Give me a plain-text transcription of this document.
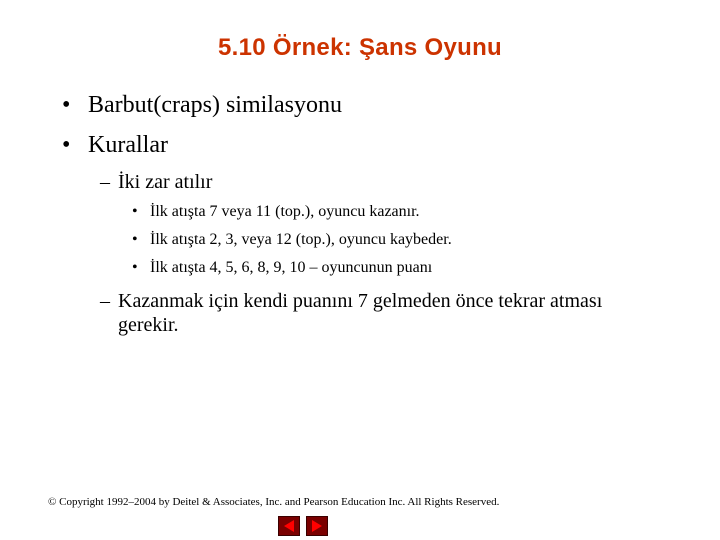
5.10 Örnek: Şans Oyunu
• Barbut(craps) similasyonu
• Kurallar
– İki zar atılır
• İlk atışta 7 veya 11 (top.), oyuncu kazanır.
• İlk atışta 2, 3, veya 12 (top.), oyuncu kaybeder.
• İlk atışta 4, 5, 6, 8, 9, 10 – oyuncunun puanı
– Kazanmak için kendi puanını 7 gelmeden önce tekrar atması gerekir.
© Copyright 1992–2004 by Deitel & Associates, Inc. and Pearson Education Inc. All Rights Reserved.
